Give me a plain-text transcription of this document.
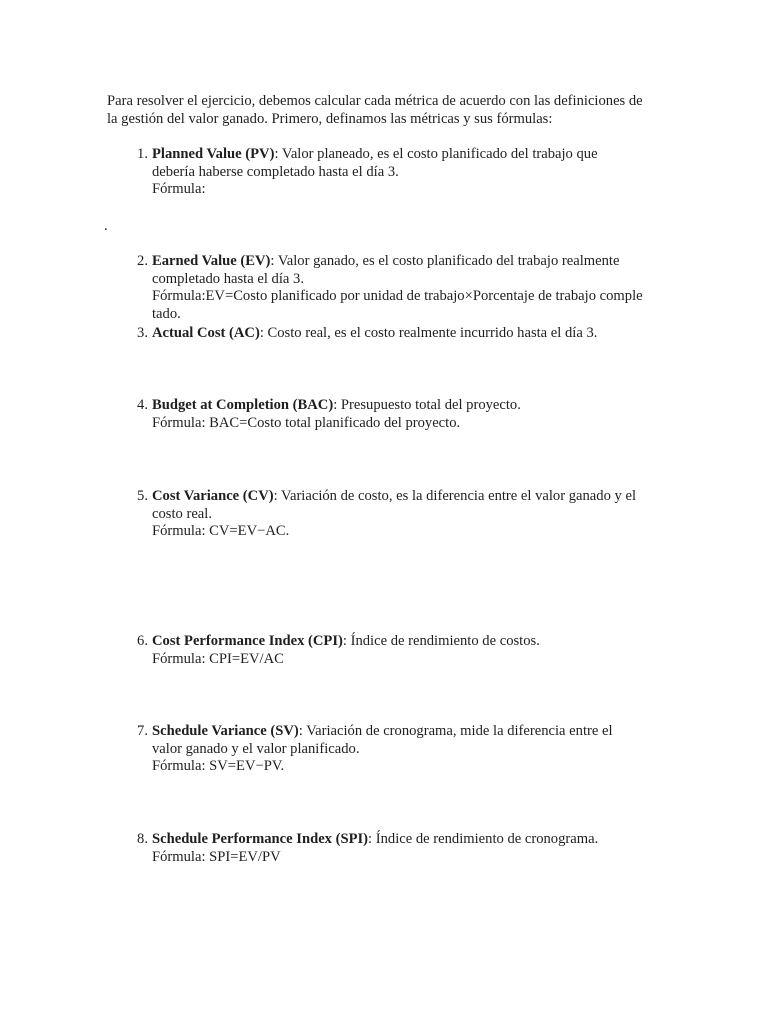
Para resolver el ejercicio, debemos calcular cada métrica de acuerdo con las definiciones de
la gestión del valor ganado. Primero, definamos las métricas y sus fórmulas:
1. Planned Value (PV): Valor planeado, es el costo planificado del trabajo que
debería haberse completado hasta el día 3.
Fórmula:
.
2. Earned Value (EV): Valor ganado, es el costo planificado del trabajo realmente
completado hasta el día 3.
Fórmula:EV=Costo planificado por unidad de trabajo×Porcentaje de trabajo comple
tado.
3. Actual Cost (AC): Costo real, es el costo realmente incurrido hasta el día 3.
4. Budget at Completion (BAC): Presupuesto total del proyecto.
Fórmula: BAC=Costo total planificado del proyecto.
5. Cost Variance (CV): Variación de costo, es la diferencia entre el valor ganado y el
costo real.
Fórmula: CV=EV−AC.
6. Cost Performance Index (CPI): Índice de rendimiento de costos.
Fórmula: CPI=EV/AC
7. Schedule Variance (SV): Variación de cronograma, mide la diferencia entre el
valor ganado y el valor planificado.
Fórmula: SV=EV−PV.
8. Schedule Performance Index (SPI): Índice de rendimiento de cronograma.
Fórmula: SPI=EV/PV
